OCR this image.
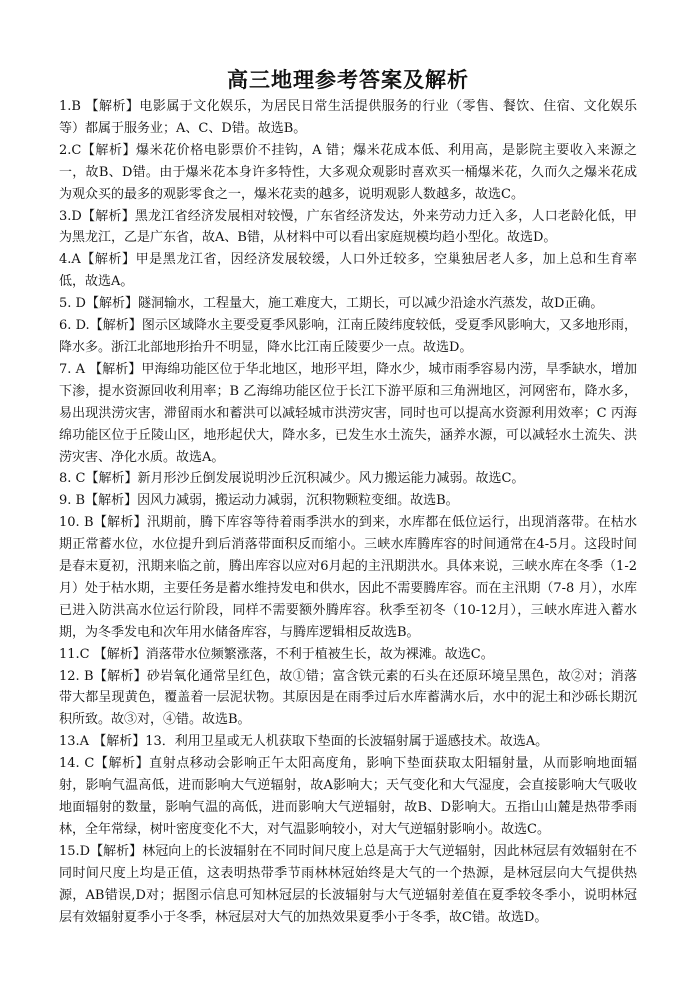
高三地理参考答案及解析

1.B 【解析】电影属于文化娱乐，为居民日常生活提供服务的行业（零售、餐饮、住宿、文化娱乐等）都属于服务业；A、C、D错。故选B。

2.C【解析】爆米花价格电影票价不挂钩，A 错；爆米花成本低、利用高，是影院主要收入来源之一，故B、D错。由于爆米花本身许多特性，大多观众观影时喜欢买一桶爆米花，久而久之爆米花成为观众买的最多的观影零食之一，爆米花卖的越多，说明观影人数越多，故选C。

3.D【解析】黑龙江省经济发展相对较慢，广东省经济发达，外来劳动力迁入多，人口老龄化低，甲为黑龙江，乙是广东省，故A、B错，从材料中可以看出家庭规模均趋小型化。故选D。

4.A【解析】甲是黑龙江省，因经济发展较缓，人口外迁较多，空巢独居老人多，加上总和生育率低，故选A。

5. D【解析】隧洞输水，工程量大，施工难度大，工期长，可以减少沿途水汽蒸发，故D正确。

6. D.【解析】图示区域降水主要受夏季风影响，江南丘陵纬度较低，受夏季风影响大，又多地形雨，降水多。浙江北部地形抬升不明显，降水比江南丘陵要少一点。故选D。

7. A 【解析】甲海绵功能区位于华北地区，地形平坦，降水少，城市雨季容易内涝，旱季缺水，增加下渗，提水资源回收利用率；B 乙海绵功能区位于长江下游平原和三角洲地区，河网密布，降水多，易出现洪涝灾害，滞留雨水和蓄洪可以减轻城市洪涝灾害，同时也可以提高水资源利用效率；C 丙海绵功能区位于丘陵山区，地形起伏大，降水多，已发生水土流失，涵养水源，可以减轻水土流失、洪涝灾害、净化水质。故选A。

8. C【解析】新月形沙丘倒发展说明沙丘沉积减少。风力搬运能力减弱。故选C。

9. B【解析】因风力减弱，搬运动力减弱，沉积物颗粒变细。故选B。

10. B【解析】汛期前，腾下库容等待着雨季洪水的到来，水库都在低位运行，出现消落带。在枯水期正常蓄水位，水位提升到后消落带面积反而缩小。三峡水库腾库容的时间通常在4-5月。这段时间是春末夏初，汛期来临之前，腾出库容以应对6月起的主汛期洪水。具体来说，三峡水库在冬季（1-2月）处于枯水期，主要任务是蓄水维持发电和供水，因此不需要腾库容。而在主汛期（7-8 月），水库已进入防洪高水位运行阶段，同样不需要额外腾库容。秋季至初冬（10-12月），三峡水库进入蓄水期，为冬季发电和次年用水储备库容，与腾库逻辑相反故选B。

11.C 【解析】消落带水位频繁涨落，不利于植被生长，故为裸滩。故选C。

12. B【解析】砂岩氧化通常呈红色，故①错；富含铁元素的石头在还原环境呈黑色，故②对；消落带大都呈现黄色，覆盖着一层泥状物。其原因是在雨季过后水库蓄满水后，水中的泥土和沙砾长期沉积所致。故③对，④错。故选B。

13.A 【解析】13．利用卫星或无人机获取下垫面的长波辐射属于遥感技术。故选A。

14. C【解析】直射点移动会影响正午太阳高度角，影响下垫面获取太阳辐射量，从而影响地面辐射，影响气温高低，进而影响大气逆辐射，故A影响大；天气变化和大气湿度，会直接影响大气吸收地面辐射的数量，影响气温的高低，进而影响大气逆辐射，故B、D影响大。五指山山麓是热带季雨林，全年常绿，树叶密度变化不大，对气温影响较小，对大气逆辐射影响小。故选C。

15.D【解析】林冠向上的长波辐射在不同时间尺度上总是高于大气逆辐射，因此林冠层有效辐射在不同时间尺度上均是正值，这表明热带季节雨林林冠始终是大气的一个热源，是林冠层向大气提供热源，AB错误,D对；据图示信息可知林冠层的长波辐射与大气逆辐射差值在夏季较冬季小，说明林冠层有效辐射夏季小于冬季，林冠层对大气的加热效果夏季小于冬季，故C错。故选D。
